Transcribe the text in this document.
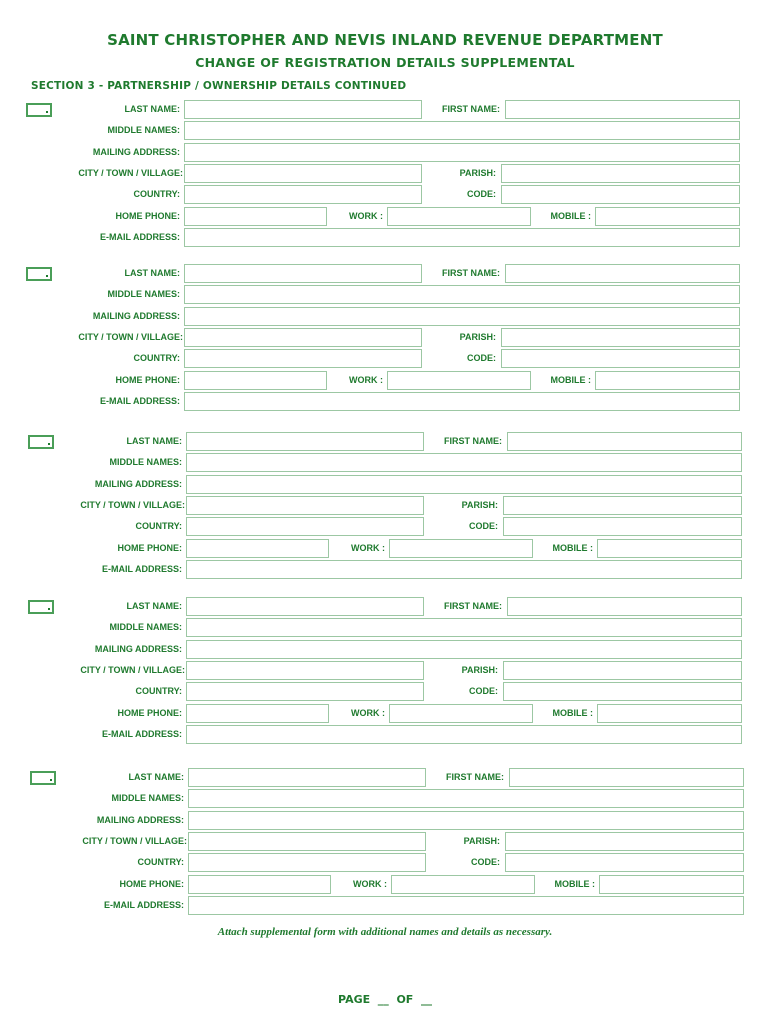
SAINT CHRISTOPHER AND NEVIS INLAND REVENUE DEPARTMENT
CHANGE OF REGISTRATION DETAILS SUPPLEMENTAL
SECTION 3 - PARTNERSHIP / OWNERSHIP DETAILS CONTINUED
LAST NAME:	FIRST NAME:
MIDDLE NAMES:
MAILING ADDRESS:
CITY / TOWN / VILLAGE:	PARISH:
COUNTRY:	CODE:
HOME PHONE:	WORK :	MOBILE :
E-MAIL ADDRESS:
LAST NAME:	FIRST NAME:
MIDDLE NAMES:
MAILING ADDRESS:
CITY / TOWN / VILLAGE:	PARISH:
COUNTRY:	CODE:
HOME PHONE:	WORK :	MOBILE :
E-MAIL ADDRESS:
LAST NAME:	FIRST NAME:
MIDDLE NAMES:
MAILING ADDRESS:
CITY / TOWN / VILLAGE:	PARISH:
COUNTRY:	CODE:
HOME PHONE:	WORK :	MOBILE :
E-MAIL ADDRESS:
LAST NAME:	FIRST NAME:
MIDDLE NAMES:
MAILING ADDRESS:
CITY / TOWN / VILLAGE:	PARISH:
COUNTRY:	CODE:
HOME PHONE:	WORK :	MOBILE :
E-MAIL ADDRESS:
LAST NAME:	FIRST NAME:
MIDDLE NAMES:
MAILING ADDRESS:
CITY / TOWN / VILLAGE:	PARISH:
COUNTRY:	CODE:
HOME PHONE:	WORK :	MOBILE :
E-MAIL ADDRESS:

Attach supplemental form with additional names and details as necessary.

PAGE  __  OF  __
